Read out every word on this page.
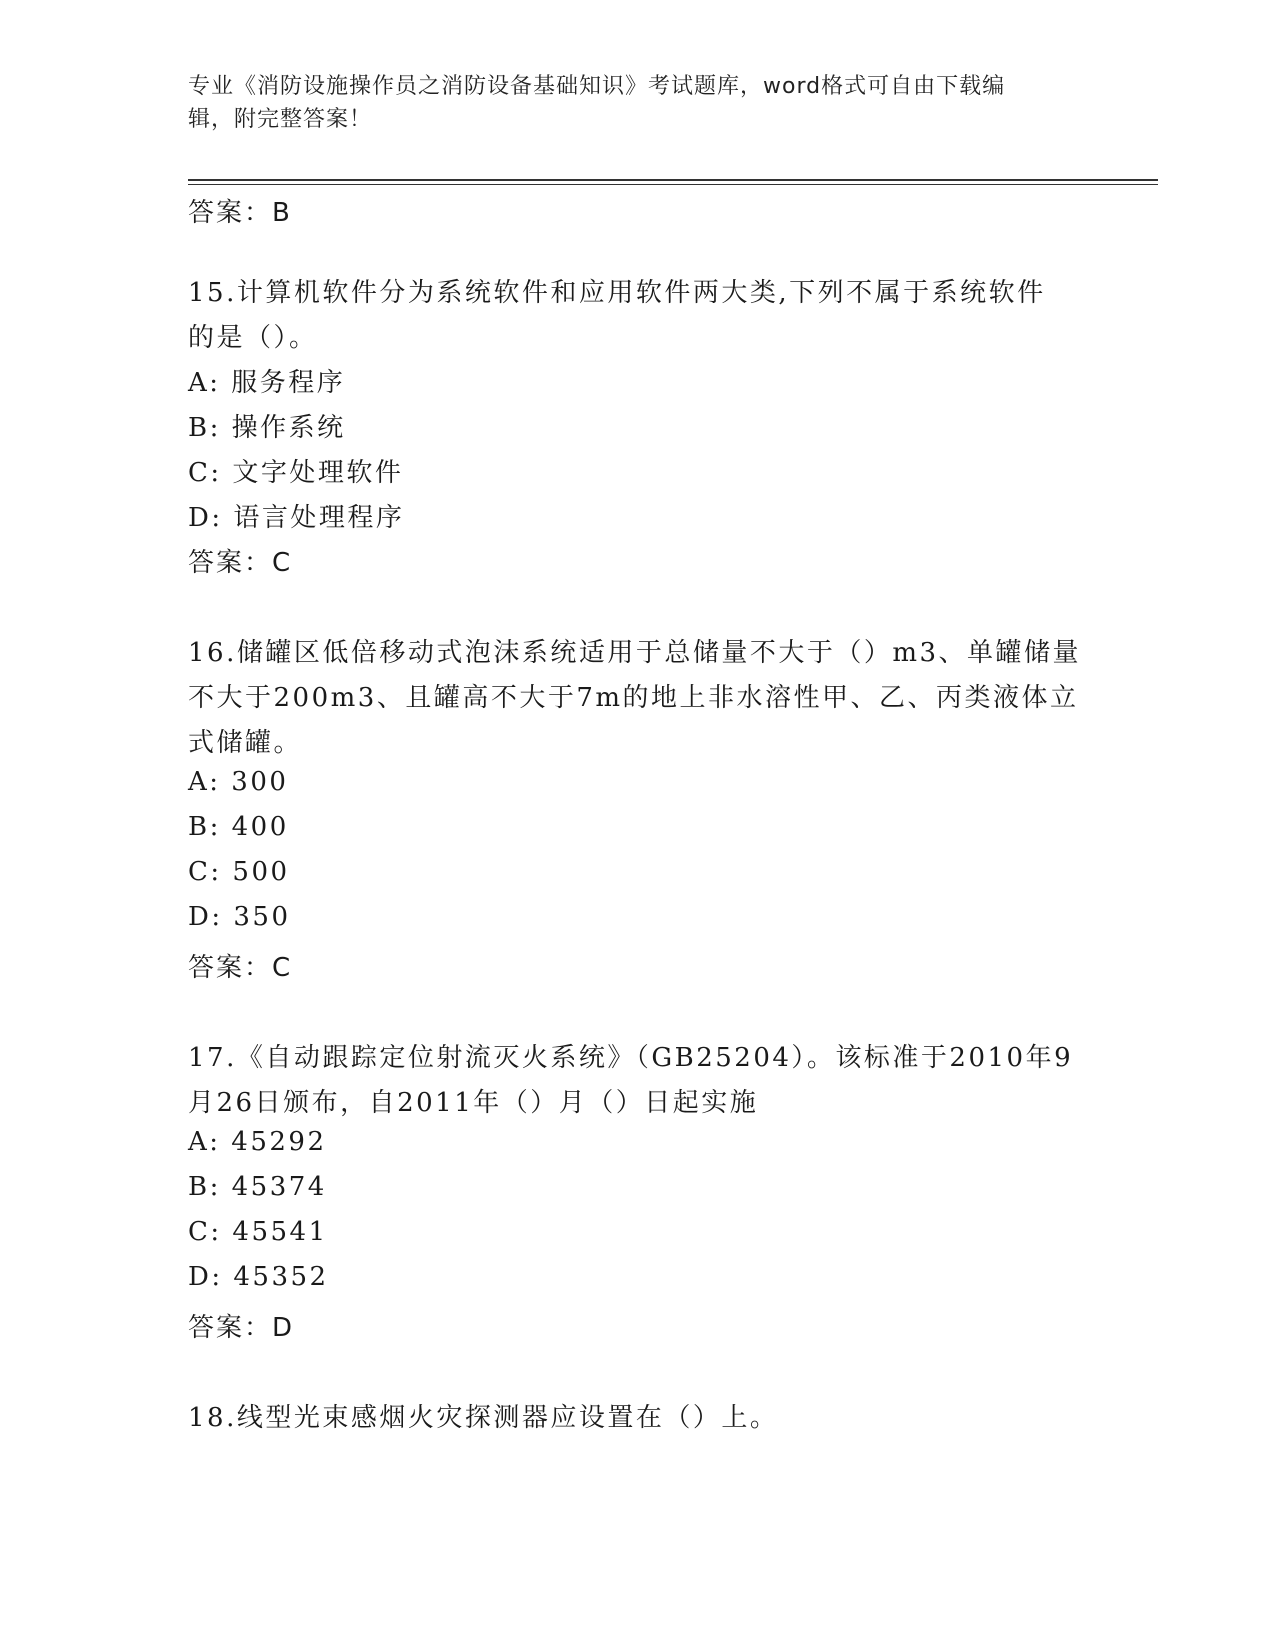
专业《消防设施操作员之消防设备基础知识》考试题库，word格式可自由下载编
辑，附完整答案！
答案：B
15.计算机软件分为系统软件和应用软件两大类,下列不属于系统软件
的是（）。
A: 服务程序
B: 操作系统
C: 文字处理软件
D: 语言处理程序
答案：C
16.储罐区低倍移动式泡沫系统适用于总储量不大于（）m3、单罐储量
不大于200m3、且罐高不大于7m的地上非水溶性甲、乙、丙类液体立
式储罐。
A: 300
B: 400
C: 500
D: 350
答案：C
17.《自动跟踪定位射流灭火系统》（GB25204）。该标准于2010年9
月26日颁布，自2011年（）月（）日起实施
A: 45292
B: 45374
C: 45541
D: 45352
答案：D
18.线型光束感烟火灾探测器应设置在（）上。
